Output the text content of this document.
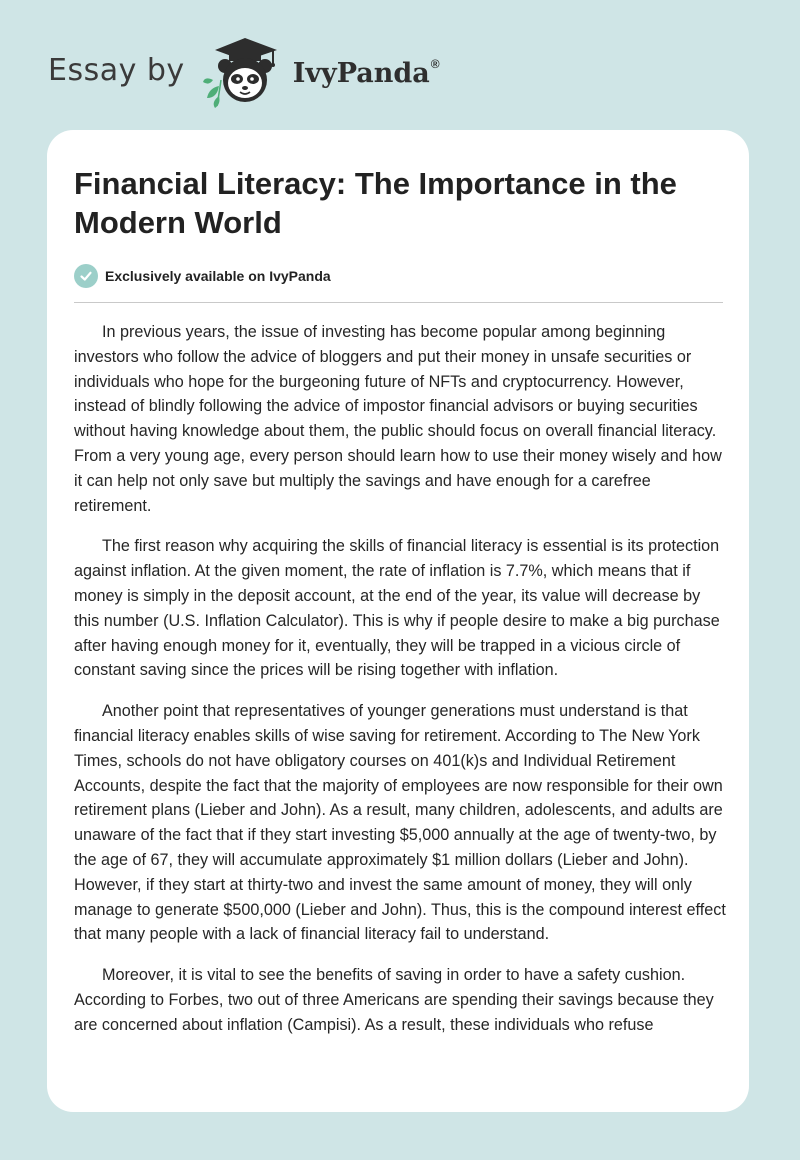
Essay by	IvyPanda®
Financial Literacy: The Importance in the Modern World
Exclusively available on IvyPanda

In previous years, the issue of investing has become popular among beginning investors who follow the advice of bloggers and put their money in unsafe securities or individuals who hope for the burgeoning future of NFTs and cryptocurrency. However, instead of blindly following the advice of impostor financial advisors or buying securities without having knowledge about them, the public should focus on overall financial literacy. From a very young age, every person should learn how to use their money wisely and how it can help not only save but multiply the savings and have enough for a carefree retirement.

The first reason why acquiring the skills of financial literacy is essential is its protection against inflation. At the given moment, the rate of inflation is 7.7%, which means that if money is simply in the deposit account, at the end of the year, its value will decrease by this number (U.S. Inflation Calculator). This is why if people desire to make a big purchase after having enough money for it, eventually, they will be trapped in a vicious circle of constant saving since the prices will be rising together with inflation.

Another point that representatives of younger generations must understand is that financial literacy enables skills of wise saving for retirement. According to The New York Times, schools do not have obligatory courses on 401(k)s and Individual Retirement Accounts, despite the fact that the majority of employees are now responsible for their own retirement plans (Lieber and John). As a result, many children, adolescents, and adults are unaware of the fact that if they start investing $5,000 annually at the age of twenty-two, by the age of 67, they will accumulate approximately $1 million dollars (Lieber and John). However, if they start at thirty-two and invest the same amount of money, they will only manage to generate $500,000 (Lieber and John). Thus, this is the compound interest effect that many people with a lack of financial literacy fail to understand.

Moreover, it is vital to see the benefits of saving in order to have a safety cushion. According to Forbes, two out of three Americans are spending their savings because they are concerned about inflation (Campisi). As a result, these individuals who refuse
